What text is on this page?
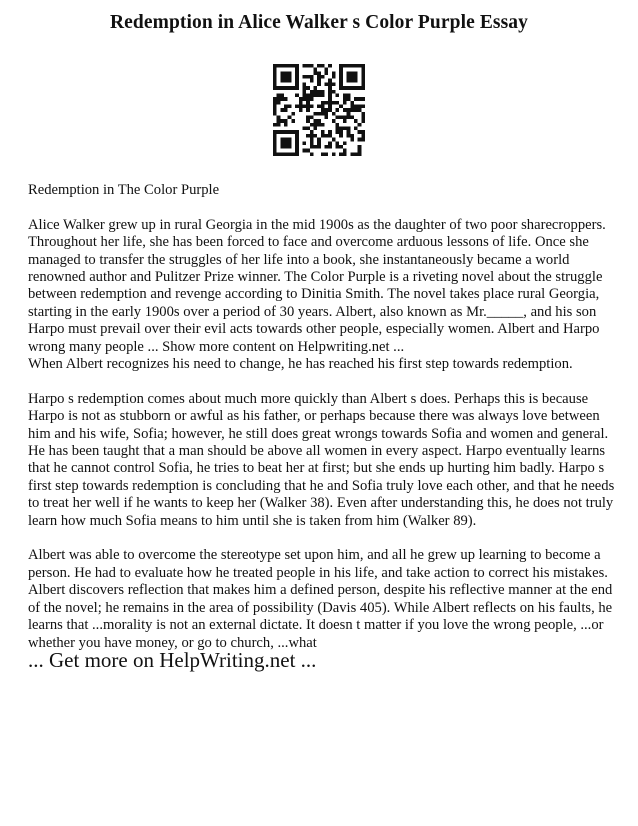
Redemption in Alice Walker s Color Purple Essay

Redemption in The Color Purple

Alice Walker grew up in rural Georgia in the mid 1900s as the daughter of two poor sharecroppers. Throughout her life, she has been forced to face and overcome arduous lessons of life. Once she managed to transfer the struggles of her life into a book, she instantaneously became a world renowned author and Pulitzer Prize winner. The Color Purple is a riveting novel about the struggle between redemption and revenge according to Dinitia Smith. The novel takes place rural Georgia, starting in the early 1900s over a period of 30 years. Albert, also known as Mr._____, and his son Harpo must prevail over their evil acts towards other people, especially women. Albert and Harpo wrong many people ... Show more content on Helpwriting.net ...

When Albert recognizes his need to change, he has reached his first step towards redemption.

Harpo s redemption comes about much more quickly than Albert s does. Perhaps this is because Harpo is not as stubborn or awful as his father, or perhaps because there was always love between him and his wife, Sofia; however, he still does great wrongs towards Sofia and women and general. He has been taught that a man should be above all women in every aspect. Harpo eventually learns that he cannot control Sofia, he tries to beat her at first; but she ends up hurting him badly. Harpo s first step towards redemption is concluding that he and Sofia truly love each other, and that he needs to treat her well if he wants to keep her (Walker 38). Even after understanding this, he does not truly learn how much Sofia means to him until she is taken from him (Walker 89).

Albert was able to overcome the stereotype set upon him, and all he grew up learning to become a person. He had to evaluate how he treated people in his life, and take action to correct his mistakes. Albert discovers reflection that makes him a defined person, despite his reflective manner at the end of the novel; he remains in the area of possibility (Davis 405). While Albert reflects on his faults, he learns that ...morality is not an external dictate. It doesn t matter if you love the wrong people, ...or whether you have money, or go to church, ...what

... Get more on HelpWriting.net ...
